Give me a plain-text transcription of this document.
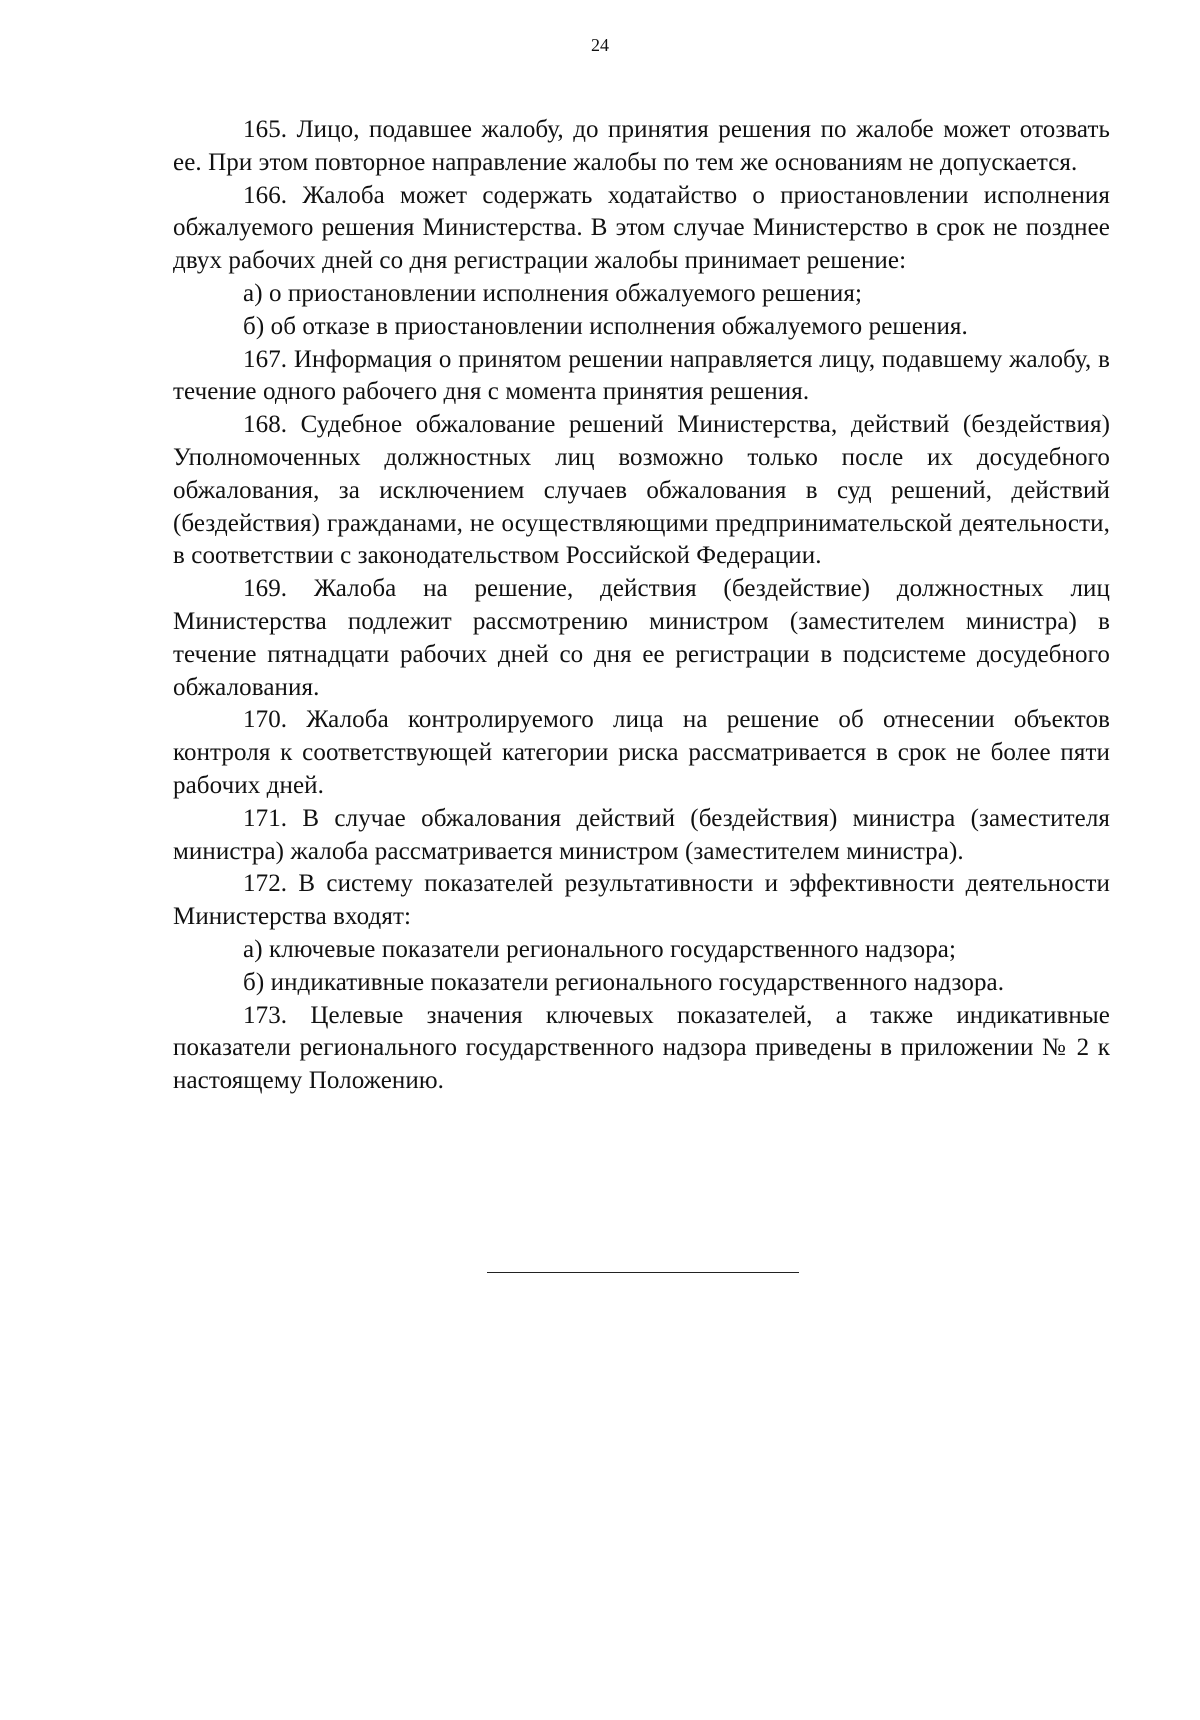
24

165. Лицо, подавшее жалобу, до принятия решения по жалобе может отозвать ее. При этом повторное направление жалобы по тем же основаниям не допускается.

166. Жалоба может содержать ходатайство о приостановлении исполнения обжалуемого решения Министерства. В этом случае Министерство в срок не позднее двух рабочих дней со дня регистрации жалобы принимает решение:

а) о приостановлении исполнения обжалуемого решения;

б) об отказе в приостановлении исполнения обжалуемого решения.

167. Информация о принятом решении направляется лицу, подавшему жалобу, в течение одного рабочего дня с момента принятия решения.

168. Судебное обжалование решений Министерства, действий (бездействия) Уполномоченных должностных лиц возможно только после их досудебного обжалования, за исключением случаев обжалования в суд решений, действий (бездействия) гражданами, не осуществляющими предпринимательской деятельности, в соответствии с законодательством Российской Федерации.

169. Жалоба на решение, действия (бездействие) должностных лиц Министерства подлежит рассмотрению министром (заместителем министра) в течение пятнадцати рабочих дней со дня ее регистрации в подсистеме досудебного обжалования.

170. Жалоба контролируемого лица на решение об отнесении объектов контроля к соответствующей категории риска рассматривается в срок не более пяти рабочих дней.

171. В случае обжалования действий (бездействия) министра (заместителя министра) жалоба рассматривается министром (заместителем министра).

172. В систему показателей результативности и эффективности деятельности Министерства входят:

а) ключевые показатели регионального государственного надзора;

б) индикативные показатели регионального государственного надзора.

173. Целевые значения ключевых показателей, а также индикативные показатели регионального государственного надзора приведены в приложении № 2 к настоящему Положению.
